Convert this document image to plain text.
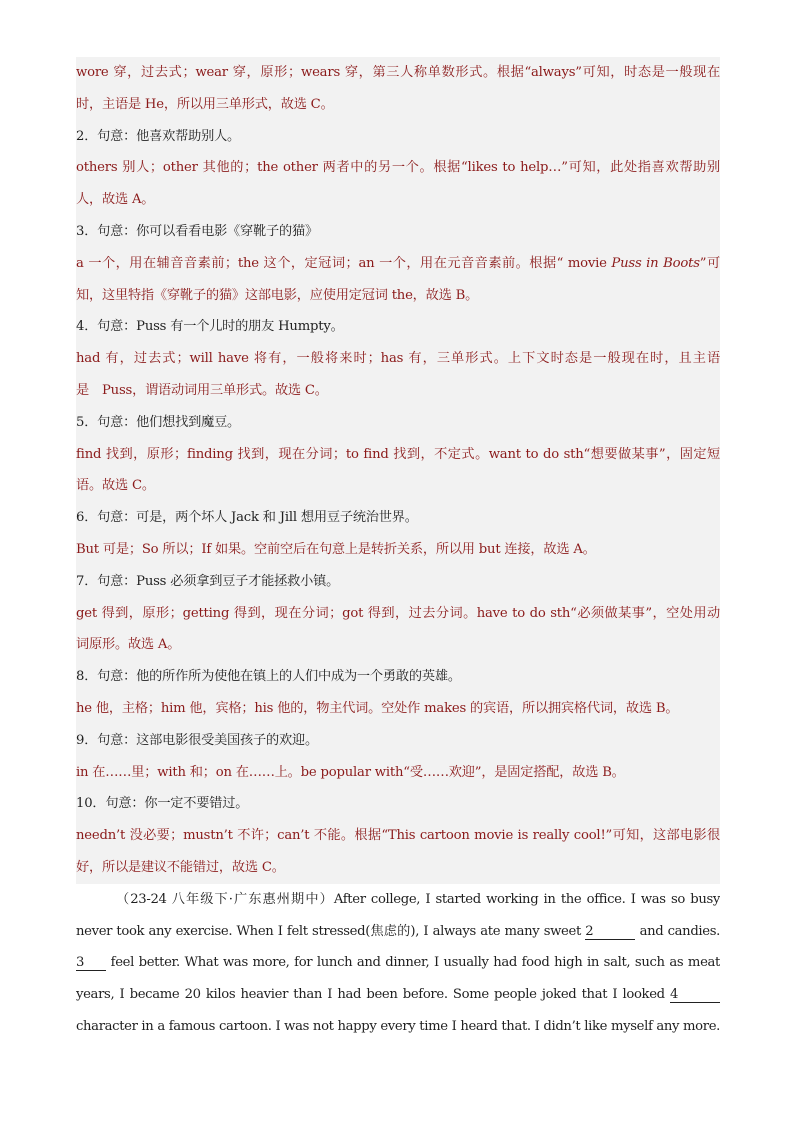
wore 穿，过去式；wear 穿，原形；wears 穿，第三人称单数形式。根据“always”可知，时态是一般现在
时，主语是 He，所以用三单形式，故选 C。
2．句意：他喜欢帮助别人。
others 别人；other 其他的；the other 两者中的另一个。根据“likes to help…”可知，此处指喜欢帮助别
人，故选 A。
3．句意：你可以看看电影《穿靴子的猫》
a 一个，用在辅音音素前；the 这个，定冠词；an 一个，用在元音音素前。根据“ movie Puss in Boots”可
知，这里特指《穿靴子的猫》这部电影，应使用定冠词 the，故选 B。
4．句意：Puss 有一个儿时的朋友 Humpty。
had 有，过去式；will have 将有，一般将来时；has 有，三单形式。上下文时态是一般现在时，且主语
是　Puss，谓语动词用三单形式。故选 C。
5．句意：他们想找到魔豆。
find 找到，原形；finding 找到，现在分词；to find 找到，不定式。want to do sth“想要做某事”，固定短
语。故选 C。
6．句意：可是，两个坏人 Jack 和 Jill 想用豆子统治世界。
But 可是；So 所以；If 如果。空前空后在句意上是转折关系，所以用 but 连接，故选 A。
7．句意：Puss 必须拿到豆子才能拯救小镇。
get 得到，原形；getting 得到，现在分词；got 得到，过去分词。have to do sth“必须做某事”，空处用动
词原形。故选 A。
8．句意：他的所作所为使他在镇上的人们中成为一个勇敢的英雄。
he 他，主格；him 他，宾格；his 他的，物主代词。空处作 makes 的宾语，所以拥宾格代词，故选 B。
9．句意：这部电影很受美国孩子的欢迎。
in 在……里；with 和；on 在……上。be popular with“受……欢迎”，是固定搭配，故选 B。
10．句意：你一定不要错过。
needn’t 没必要；mustn’t 不许；can’t 不能。根据“This cartoon movie is really cool!”可知，这部电影很
好，所以是建议不能错过，故选 C。
（23-24 八年级下·广东惠州期中）After college, I started working in the office. I was so busy
never took any exercise. When I felt stressed(焦虑的), I always ate many sweet 2	and candies.
3 feel better. What was more, for lunch and dinner, I usually had food high in salt, such as meat
years, I became 20 kilos heavier than I had been before. Some people joked that I looked 4
character in a famous cartoon. I was not happy every time I heard that. I didn’t like myself any more.
